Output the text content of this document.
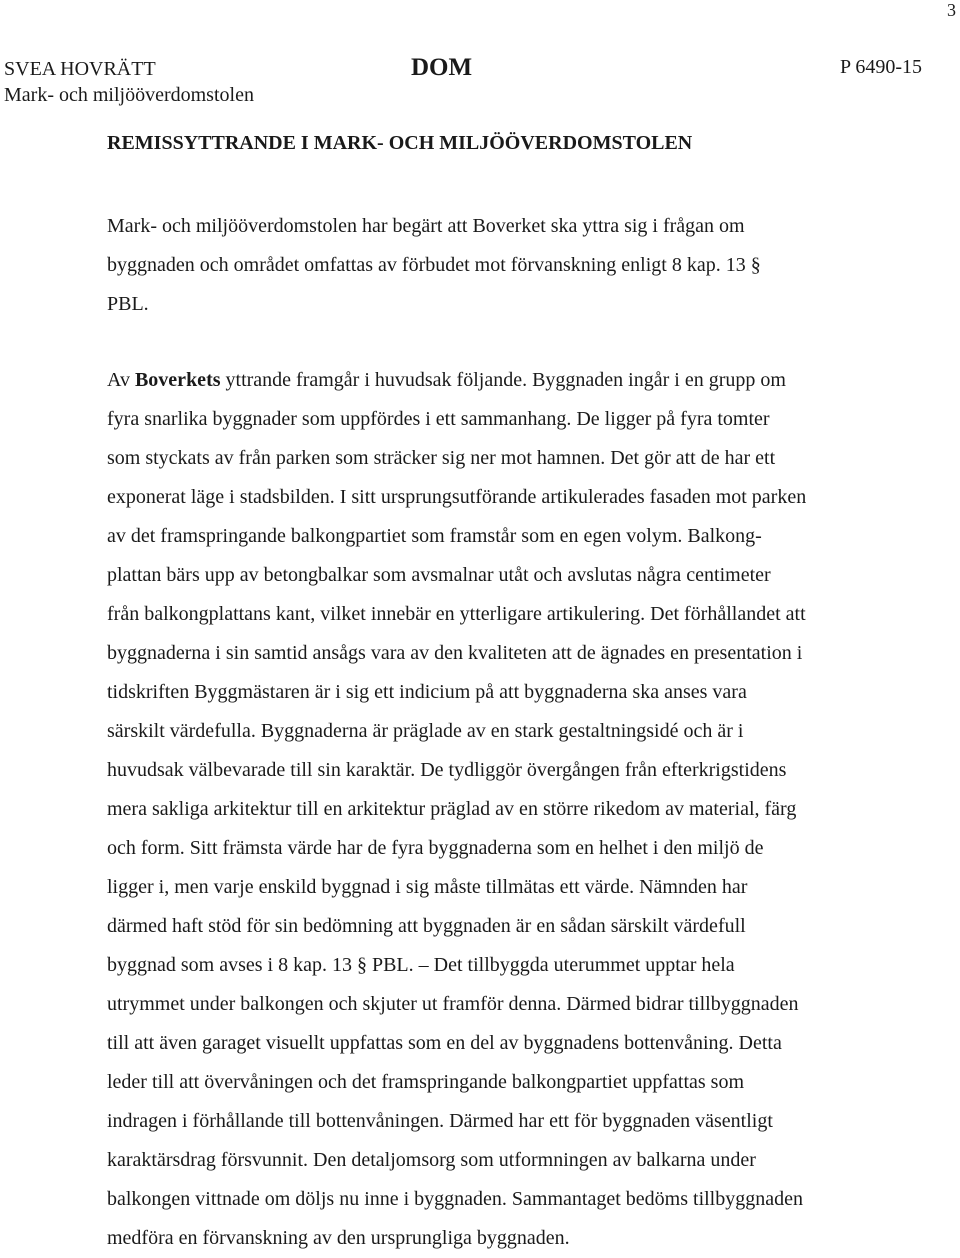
3
SVEA HOVRÄTT
Mark- och miljööverdomstolen
DOM	P 6490-15
REMISSYTTRANDE I MARK- OCH MILJÖÖVERDOMSTOLEN
Mark- och miljööverdomstolen har begärt att Boverket ska yttra sig i frågan om
byggnaden och området omfattas av förbudet mot förvanskning enligt 8 kap. 13 §
PBL.
Av Boverkets yttrande framgår i huvudsak följande. Byggnaden ingår i en grupp om
fyra snarlika byggnader som uppfördes i ett sammanhang. De ligger på fyra tomter
som styckats av från parken som sträcker sig ner mot hamnen. Det gör att de har ett
exponerat läge i stadsbilden. I sitt ursprungsutförande artikulerades fasaden mot parken
av det framspringande balkongpartiet som framstår som en egen volym. Balkong-
plattan bärs upp av betongbalkar som avsmalnar utåt och avslutas några centimeter
från balkongplattans kant, vilket innebär en ytterligare artikulering. Det förhållandet att
byggnaderna i sin samtid ansågs vara av den kvaliteten att de ägnades en presentation i
tidskriften Byggmästaren är i sig ett indicium på att byggnaderna ska anses vara
särskilt värdefulla. Byggnaderna är präglade av en stark gestaltningsidé och är i
huvudsak välbevarade till sin karaktär. De tydliggör övergången från efterkrigstidens
mera sakliga arkitektur till en arkitektur präglad av en större rikedom av material, färg
och form. Sitt främsta värde har de fyra byggnaderna som en helhet i den miljö de
ligger i, men varje enskild byggnad i sig måste tillmätas ett värde. Nämnden har
därmed haft stöd för sin bedömning att byggnaden är en sådan särskilt värdefull
byggnad som avses i 8 kap. 13 § PBL. – Det tillbyggda uterummet upptar hela
utrymmet under balkongen och skjuter ut framför denna. Därmed bidrar tillbyggnaden
till att även garaget visuellt uppfattas som en del av byggnadens bottenvåning. Detta
leder till att övervåningen och det framspringande balkongpartiet uppfattas som
indragen i förhållande till bottenvåningen. Därmed har ett för byggnaden väsentligt
karaktärsdrag försvunnit. Den detaljomsorg som utformningen av balkarna under
balkongen vittnade om döljs nu inne i byggnaden. Sammantaget bedöms tillbyggnaden
medföra en förvanskning av den ursprungliga byggnaden.
